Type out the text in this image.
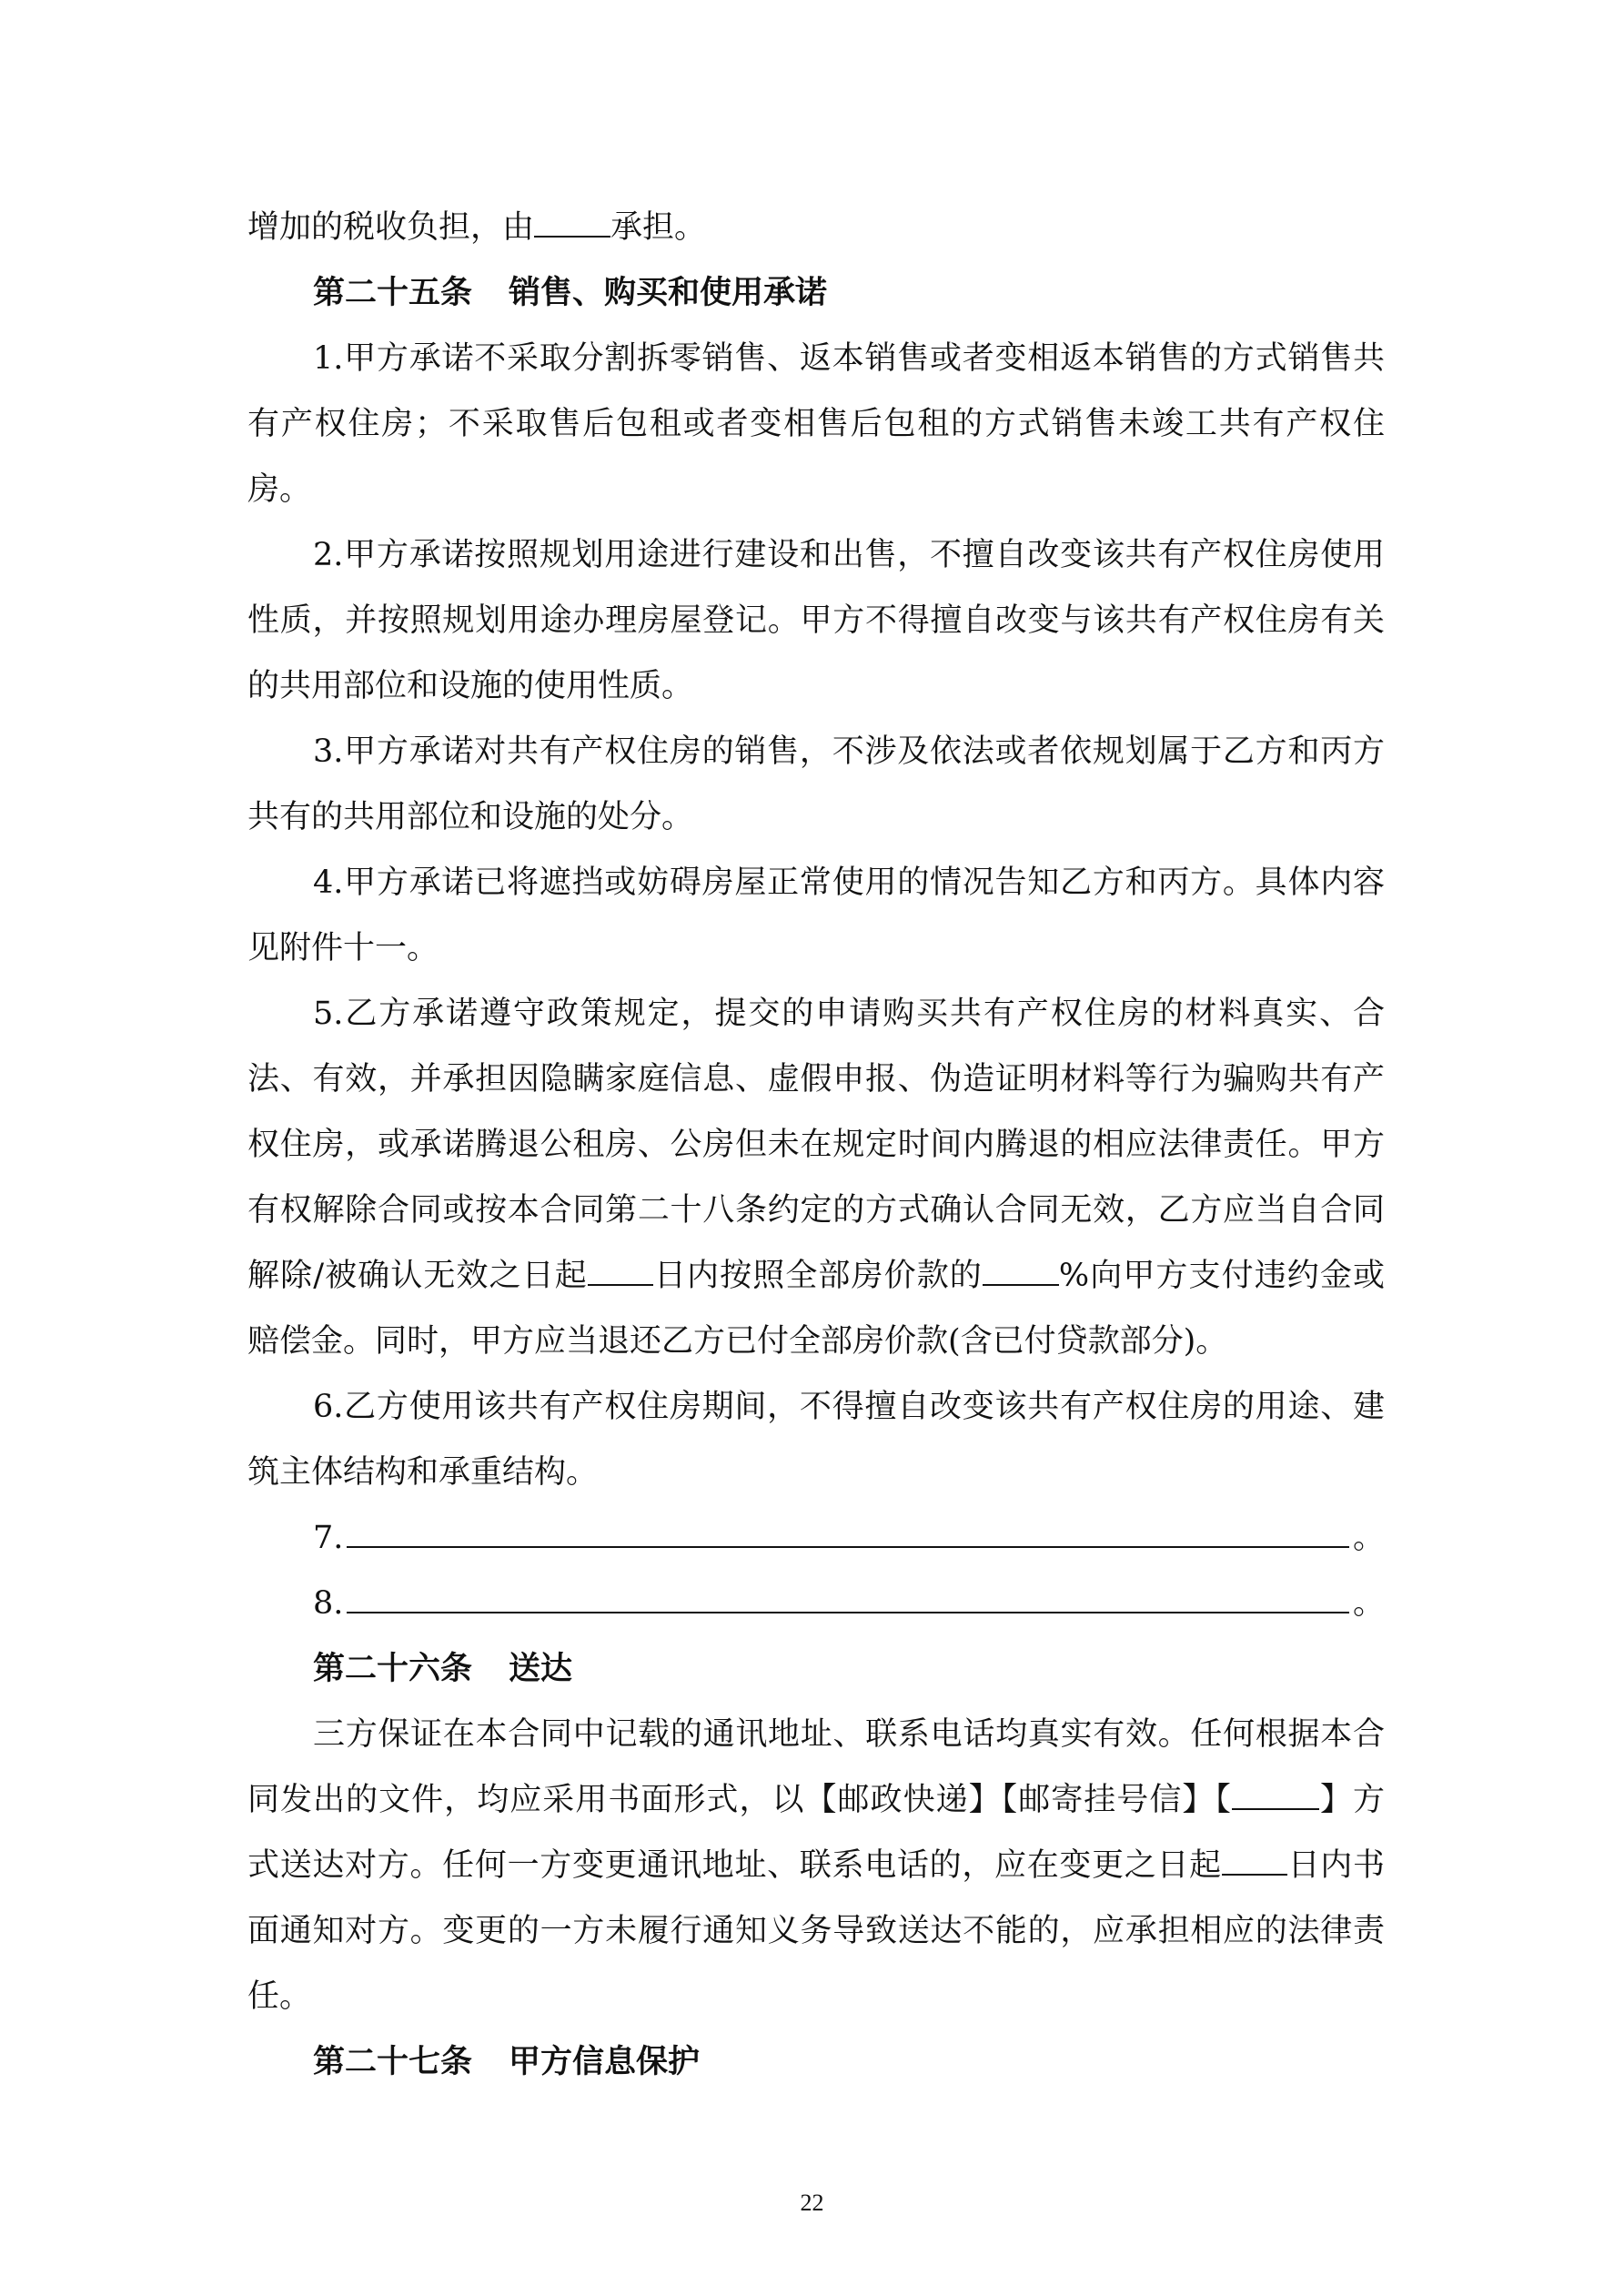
增加的税收负担，由 承担。

第二十五条 销售、购买和使用承诺

1.甲方承诺不采取分割拆零销售、返本销售或者变相返本销售的方式销售共有产权住房；不采取售后包租或者变相售后包租的方式销售未竣工共有产权住房。

2.甲方承诺按照规划用途进行建设和出售，不擅自改变该共有产权住房使用性质，并按照规划用途办理房屋登记。甲方不得擅自改变与该共有产权住房有关的共用部位和设施的使用性质。

3.甲方承诺对共有产权住房的销售，不涉及依法或者依规划属于乙方和丙方共有的共用部位和设施的处分。

4.甲方承诺已将遮挡或妨碍房屋正常使用的情况告知乙方和丙方。具体内容见附件十一。

5.乙方承诺遵守政策规定，提交的申请购买共有产权住房的材料真实、合法、有效，并承担因隐瞒家庭信息、虚假申报、伪造证明材料等行为骗购共有产权住房，或承诺腾退公租房、公房但未在规定时间内腾退的相应法律责任。甲方有权解除合同或按本合同第二十八条约定的方式确认合同无效，乙方应当自合同解除/被确认无效之日起 日内按照全部房价款的 %向甲方支付违约金或赔偿金。同时，甲方应当退还乙方已付全部房价款(含已付贷款部分)。

6.乙方使用该共有产权住房期间，不得擅自改变该共有产权住房的用途、建筑主体结构和承重结构。

7.	。

8.	。

第二十六条 送达

三方保证在本合同中记载的通讯地址、联系电话均真实有效。任何根据本合同发出的文件，均应采用书面形式，以【邮政快递】【邮寄挂号信】【	】方式送达对方。任何一方变更通讯地址、联系电话的，应在变更之日起 日内书面通知对方。变更的一方未履行通知义务导致送达不能的，应承担相应的法律责任。

第二十七条 甲方信息保护

22
